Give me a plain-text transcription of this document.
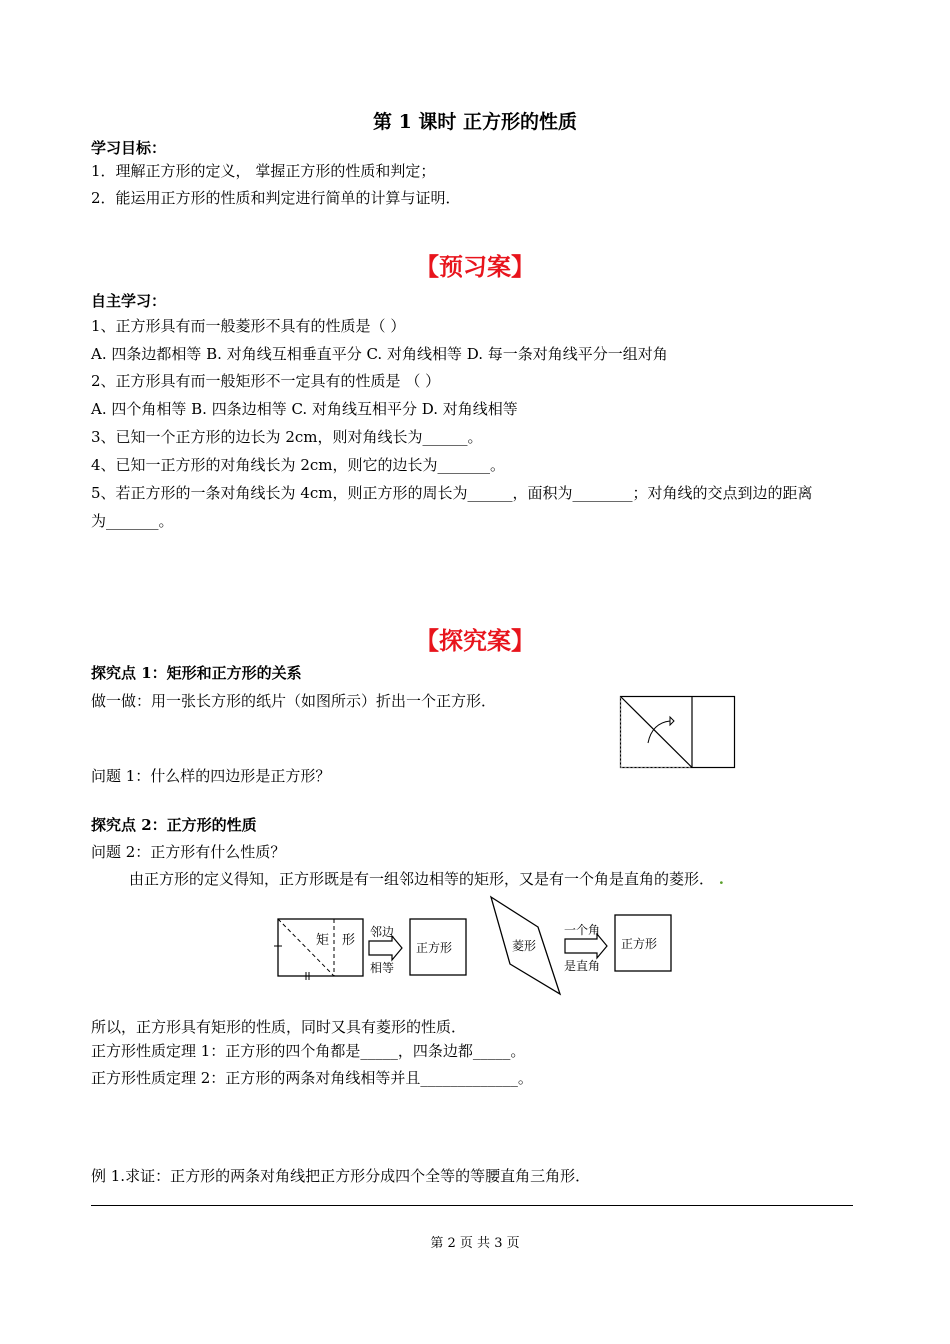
第 1 课时 正方形的性质
学习目标：
1．理解正方形的定义， 掌握正方形的性质和判定；
2．能运用正方形的性质和判定进行简单的计算与证明．
【预习案】
自主学习：
1、正方形具有而一般菱形不具有的性质是（ ）
A. 四条边都相等 B. 对角线互相垂直平分 C. 对角线相等 D. 每一条对角线平分一组对角
2、正方形具有而一般矩形不一定具有的性质是 （ ）
A. 四个角相等 B. 四条边相等 C. 对角线互相平分 D. 对角线相等
3、已知一个正方形的边长为 2cm，则对角线长为______。
4、已知一正方形的对角线长为 2cm，则它的边长为_______。
5、若正方形的一条对角线长为 4cm，则正方形的周长为______，面积为________；对角线的交点到边的距离
为_______。
【探究案】
探究点 1：矩形和正方形的关系
做一做：用一张长方形的纸片（如图所示）折出一个正方形．
问题 1：什么样的四边形是正方形？
探究点 2：正方形的性质
问题 2：正方形有什么性质？
由正方形的定义得知，正方形既是有一组邻边相等的矩形，又是有一个角是直角的菱形． .
矩 形
邻边
相等
正方形	菱形
一个角
是直角
正方形
所以，正方形具有矩形的性质，同时又具有菱形的性质．
正方形性质定理 1：正方形的四个角都是_____，四条边都_____。
正方形性质定理 2：正方形的两条对角线相等并且_____________。
例 1.求证：正方形的两条对角线把正方形分成四个全等的等腰直角三角形．
第 2 页 共 3 页
